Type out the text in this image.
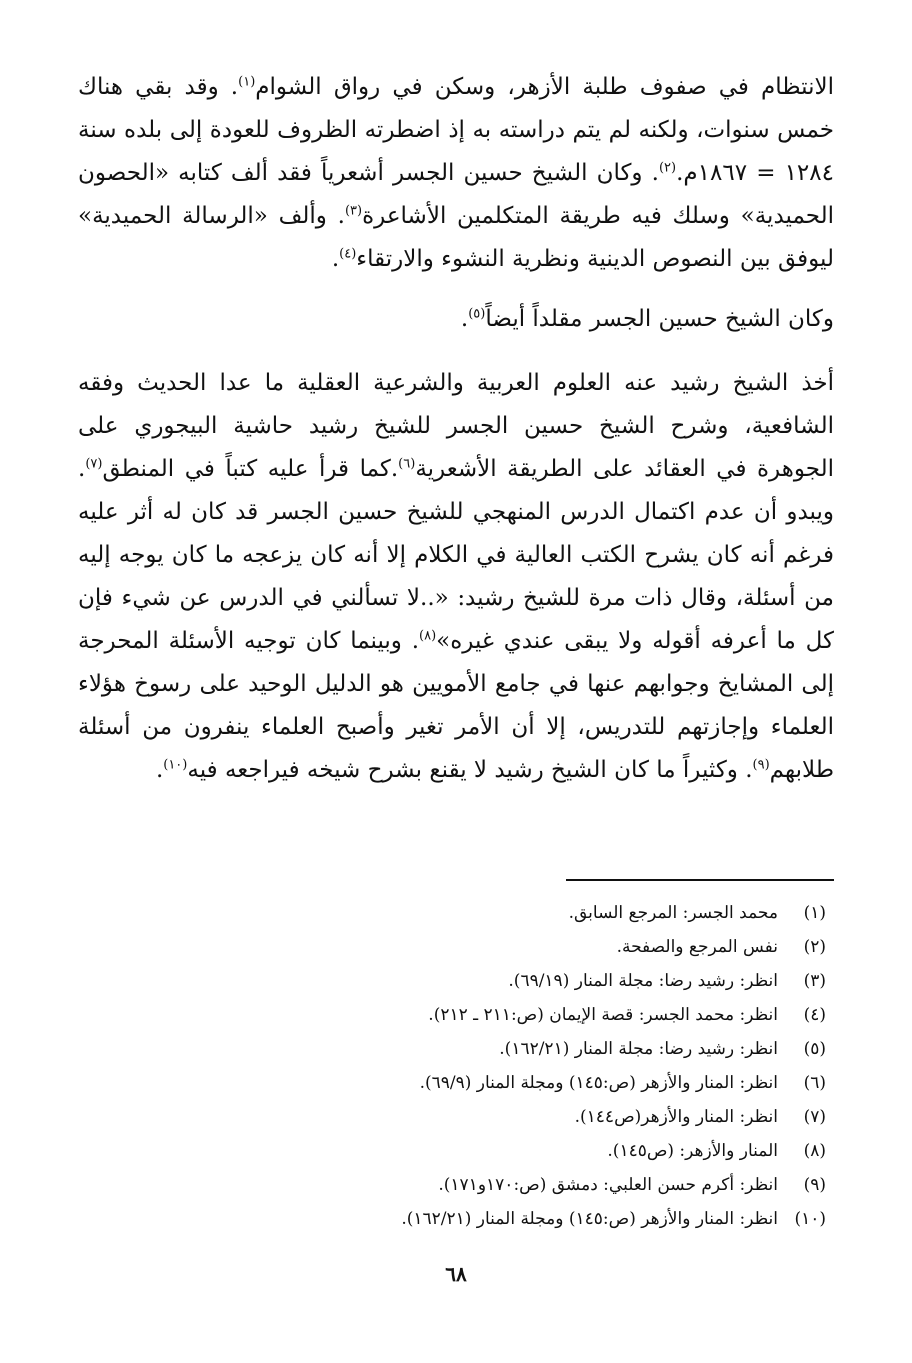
الانتظام في صفوف طلبة الأزهر، وسكن في رواق الشوام$^{(١)}$. وقد بقي هناك خمس سنوات، ولكنه لم يتم دراسته به إذ اضطرته الظروف للعودة إلى بلده سنة ١٢٨٤ = ١٨٦٧م.$^{(٢)}$. وكان الشيخ حسين الجسر أشعرياً فقد ألف كتابه «الحصون الحميدية» وسلك فيه طريقة المتكلمين الأشاعرة$^{(٣)}$. وألف «الرسالة الحميدية» ليوفق بين النصوص الدينية ونظرية النشوء والارتقاء$^{(٤)}$.

وكان الشيخ حسين الجسر مقلداً أيضاً$^{(٥)}$.

أخذ الشيخ رشيد عنه العلوم العربية والشرعية العقلية ما عدا الحديث وفقه الشافعية، وشرح الشيخ حسين الجسر للشيخ رشيد حاشية البيجوري على الجوهرة في العقائد على الطريقة الأشعرية$^{(٦)}$.كما قرأ عليه كتباً في المنطق$^{(٧)}$. ويبدو أن عدم اكتمال الدرس المنهجي للشيخ حسين الجسر قد كان له أثر عليه فرغم أنه كان يشرح الكتب العالية في الكلام إلا أنه كان يزعجه ما كان يوجه إليه من أسئلة، وقال ذات مرة للشيخ رشيد: «..لا تسألني في الدرس عن شيء فإن كل ما أعرفه أقوله ولا يبقى عندي غيره»$^{(٨)}$. وبينما كان توجيه الأسئلة المحرجة إلى المشايخ وجوابهم عنها في جامع الأمويين هو الدليل الوحيد على رسوخ هؤلاء العلماء وإجازتهم للتدريس، إلا أن الأمر تغير وأصبح العلماء ينفرون من أسئلة طلابهم$^{(٩)}$. وكثيراً ما كان الشيخ رشيد لا يقنع بشرح شيخه فيراجعه فيه$^{(١٠)}$.

(١)
محمد الجسر: المرجع السابق.
(٢)
نفس المرجع والصفحة.
(٣)
انظر: رشيد رضا: مجلة المنار (٦٩/١٩).
(٤)
انظر: محمد الجسر: قصة الإيمان (ص:٢١١ ـ ٢١٢).
(٥)
انظر: رشيد رضا: مجلة المنار (١٦٢/٢١).
(٦)
انظر: المنار والأزهر (ص:١٤٥) ومجلة المنار (٦٩/٩).
(٧)
انظر: المنار والأزهر(ص١٤٤).
(٨)
المنار والأزهر: (ص١٤٥).
(٩)
انظر: أكرم حسن العلبي: دمشق (ص:١٧٠و١٧١).
(١٠)
انظر: المنار والأزهر (ص:١٤٥) ومجلة المنار (١٦٢/٢١).
٦٨
